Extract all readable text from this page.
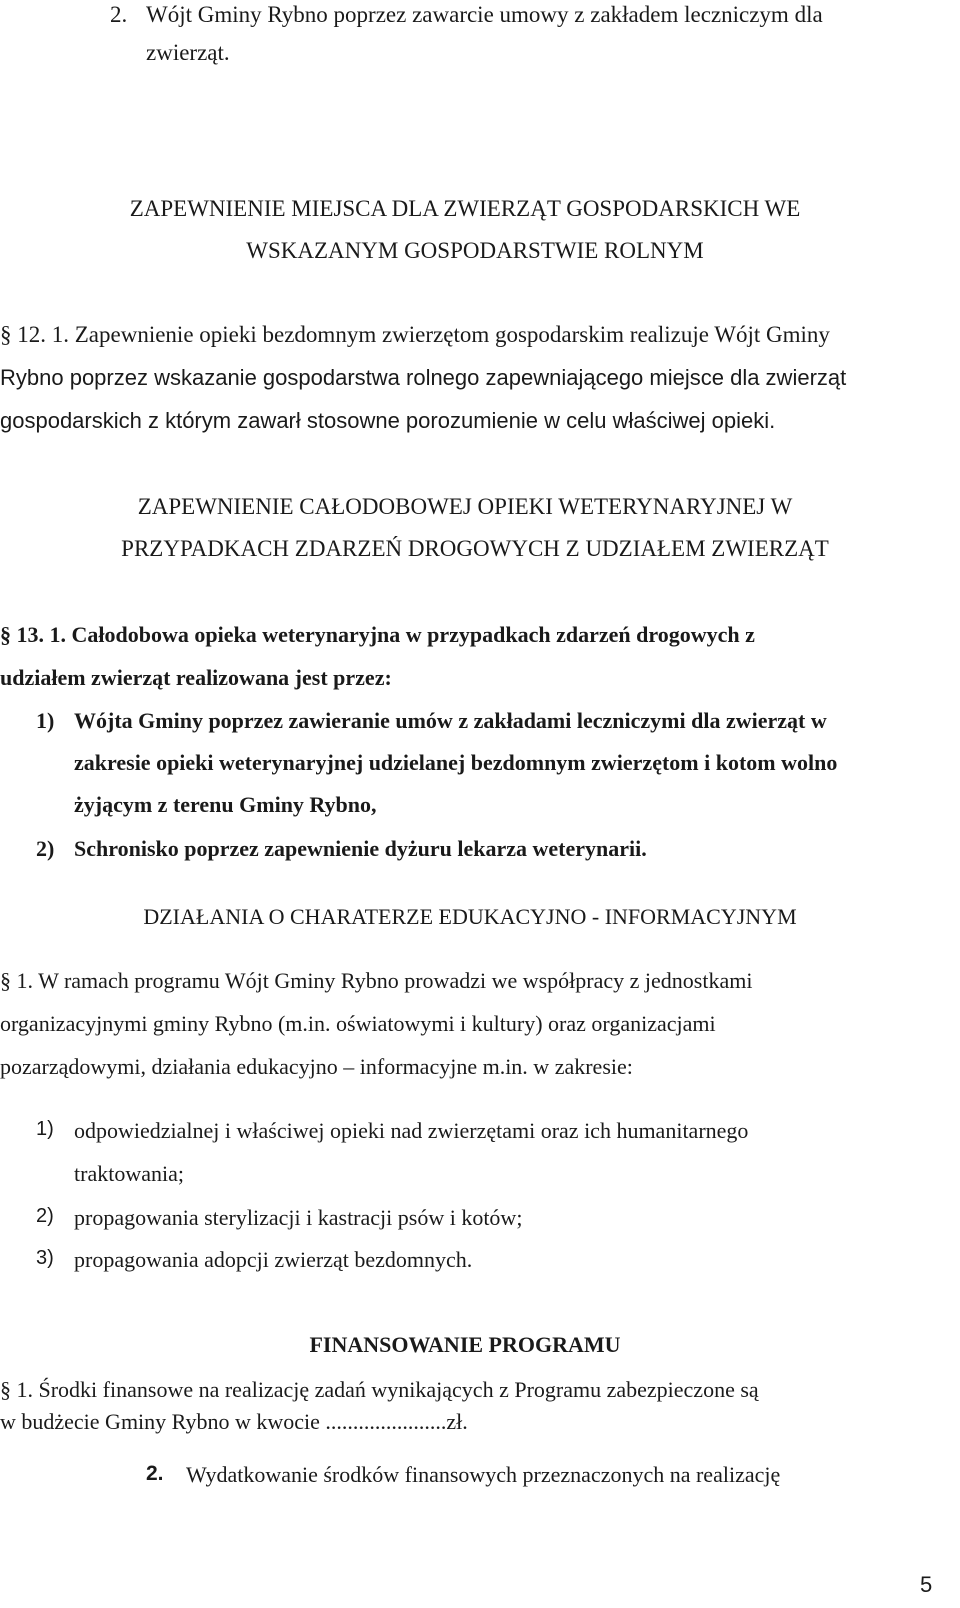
2. Wójt Gminy Rybno poprzez zawarcie umowy z zakładem leczniczym dla
zwierząt.
ZAPEWNIENIE MIEJSCA DLA ZWIERZĄT GOSPODARSKICH WE
WSKAZANYM GOSPODARSTWIE ROLNYM
§ 12. 1. Zapewnienie opieki bezdomnym zwierzętom gospodarskim realizuje Wójt Gminy
Rybno poprzez wskazanie gospodarstwa rolnego zapewniającego miejsce dla zwierząt
gospodarskich z którym zawarł stosowne porozumienie w celu właściwej opieki.
ZAPEWNIENIE CAŁODOBOWEJ OPIEKI WETERYNARYJNEJ W
PRZYPADKACH ZDARZEŃ DROGOWYCH Z UDZIAŁEM ZWIERZĄT
§ 13. 1. Całodobowa opieka weterynaryjna w przypadkach zdarzeń drogowych z
udziałem zwierząt realizowana jest przez:
1) Wójta Gminy poprzez zawieranie umów z zakładami leczniczymi dla zwierząt w
zakresie opieki weterynaryjnej udzielanej bezdomnym zwierzętom i kotom wolno
żyjącym z terenu Gminy Rybno,
2) Schronisko poprzez zapewnienie dyżuru lekarza weterynarii.
DZIAŁANIA O CHARATERZE EDUKACYJNO - INFORMACYJNYM
§ 1. W ramach programu Wójt Gminy Rybno prowadzi we współpracy z jednostkami
organizacyjnymi gminy Rybno (m.in. oświatowymi i kultury) oraz organizacjami
pozarządowymi, działania edukacyjno – informacyjne m.in. w zakresie:
1) odpowiedzialnej i właściwej opieki nad zwierzętami oraz ich humanitarnego
traktowania;
2) propagowania sterylizacji i kastracji psów i kotów;
3) propagowania adopcji zwierząt bezdomnych.
FINANSOWANIE PROGRAMU
§ 1. Środki finansowe na realizację zadań wynikających z Programu zabezpieczone są
w budżecie Gminy Rybno w kwocie ......................zł.
2. Wydatkowanie środków finansowych przeznaczonych na realizację
5
